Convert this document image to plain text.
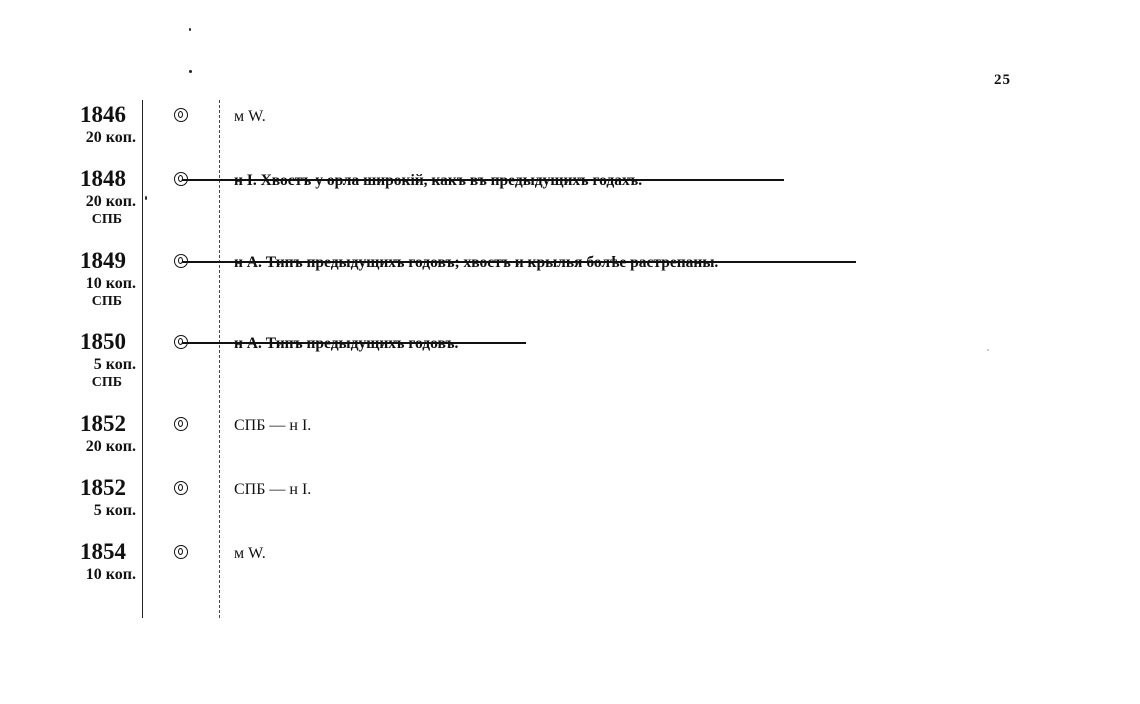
25
1846
20 коп.
м W.
1848
20 коп.
СПБ
н I. Хвостъ у орла широкій, какъ въ предыдущихъ годахъ.
1849
10 коп.
СПБ
н А. Типъ предыдущихъ годовъ; хвостъ и крылья болѣе растрепаны.
1850
5 коп.
СПБ
н А. Типъ предыдущихъ годовъ.
1852
20 коп.
СПБ — н I.
1852
5 коп.
СПБ — н I.
1854
10 коп.
м W.
